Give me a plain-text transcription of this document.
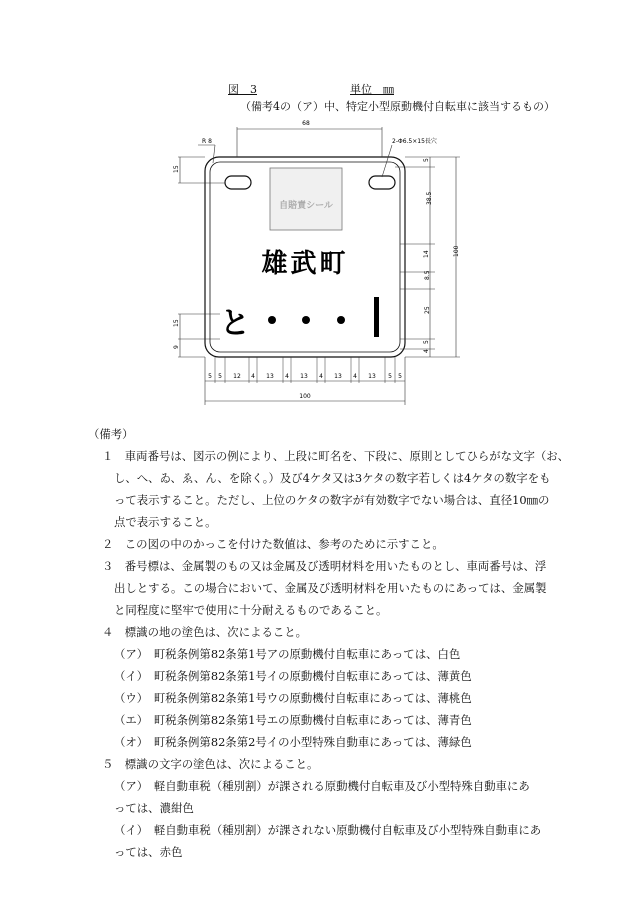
図　3	単位　㎜
（備考4の（ア）中、特定小型原動機付自転車に該当するもの）
自賠責シール
雄武町
と
68
2-Φ6.5×15長穴
R 8
15
15
9
100
5
38.5
14
8.5
25
5
4
100
5 5 12 4 13 4 13 4 13 4 13 5 5
（備考）
１　車両番号は、図示の例により、上段に町名を、下段に、原則としてひらがな文字（お、
し、へ、ゐ、ゑ、ん、を除く。）及び4ケタ又は3ケタの数字若しくは4ケタの数字をも
って表示すること。ただし、上位のケタの数字が有効数字でない場合は、直径10㎜の
点で表示すること。
２　この図の中のかっこを付けた数値は、参考のために示すこと。
３　番号標は、金属製のもの又は金属及び透明材料を用いたものとし、車両番号は、浮
出しとする。この場合において、金属及び透明材料を用いたものにあっては、金属製
と同程度に堅牢で使用に十分耐えるものであること。
４　標識の地の塗色は、次によること。
（ア）　町税条例第82条第1号アの原動機付自転車にあっては、白色
（イ）　町税条例第82条第1号イの原動機付自転車にあっては、薄黄色
（ウ）　町税条例第82条第1号ウの原動機付自転車にあっては、薄桃色
（エ）　町税条例第82条第1号エの原動機付自転車にあっては、薄青色
（オ）　町税条例第82条第2号イの小型特殊自動車にあっては、薄緑色
５　標識の文字の塗色は、次によること。
（ア）　軽自動車税（種別割）が課される原動機付自転車及び小型特殊自動車にあ
っては、濃紺色
（イ）　軽自動車税（種別割）が課されない原動機付自転車及び小型特殊自動車にあ
っては、赤色
